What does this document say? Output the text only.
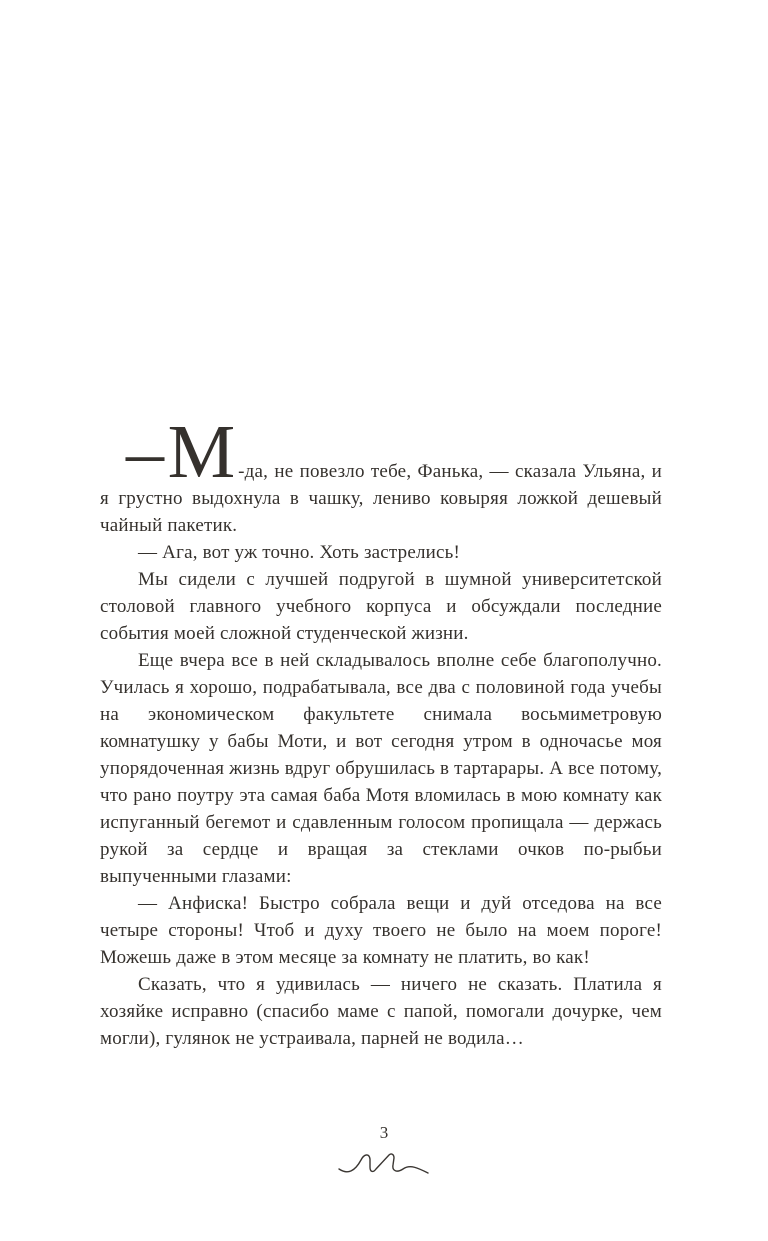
– М -да, не повезло тебе, Фанька, — сказала Ульяна, и я грустно выдохнула в чашку, лениво ковыряя ложкой дешевый чайный пакетик.

— Ага, вот уж точно. Хоть застрелись!

Мы сидели с лучшей подругой в шумной университетской столовой главного учебного корпуса и обсуждали последние события моей сложной студенческой жизни.

Еще вчера все в ней складывалось вполне себе благополучно. Училась я хорошо, подрабатывала, все два с половиной года учебы на экономическом факультете снимала восьмиметровую комнатушку у бабы Моти, и вот сегодня утром в одночасье моя упорядоченная жизнь вдруг обрушилась в тартарары. А все потому, что рано поутру эта самая баба Мотя вломилась в мою комнату как испуганный бегемот и сдавленным голосом пропищала — держась рукой за сердце и вращая за стеклами очков по-рыбьи выпученными глазами:

— Анфиска! Быстро собрала вещи и дуй отседова на все четыре стороны! Чтоб и духу твоего не было на моем пороге! Можешь даже в этом месяце за комнату не платить, во как!

Сказать, что я удивилась — ничего не сказать. Платила я хозяйке исправно (спасибо маме с папой, помогали дочурке, чем могли), гулянок не устраивала, парней не водила…

3
